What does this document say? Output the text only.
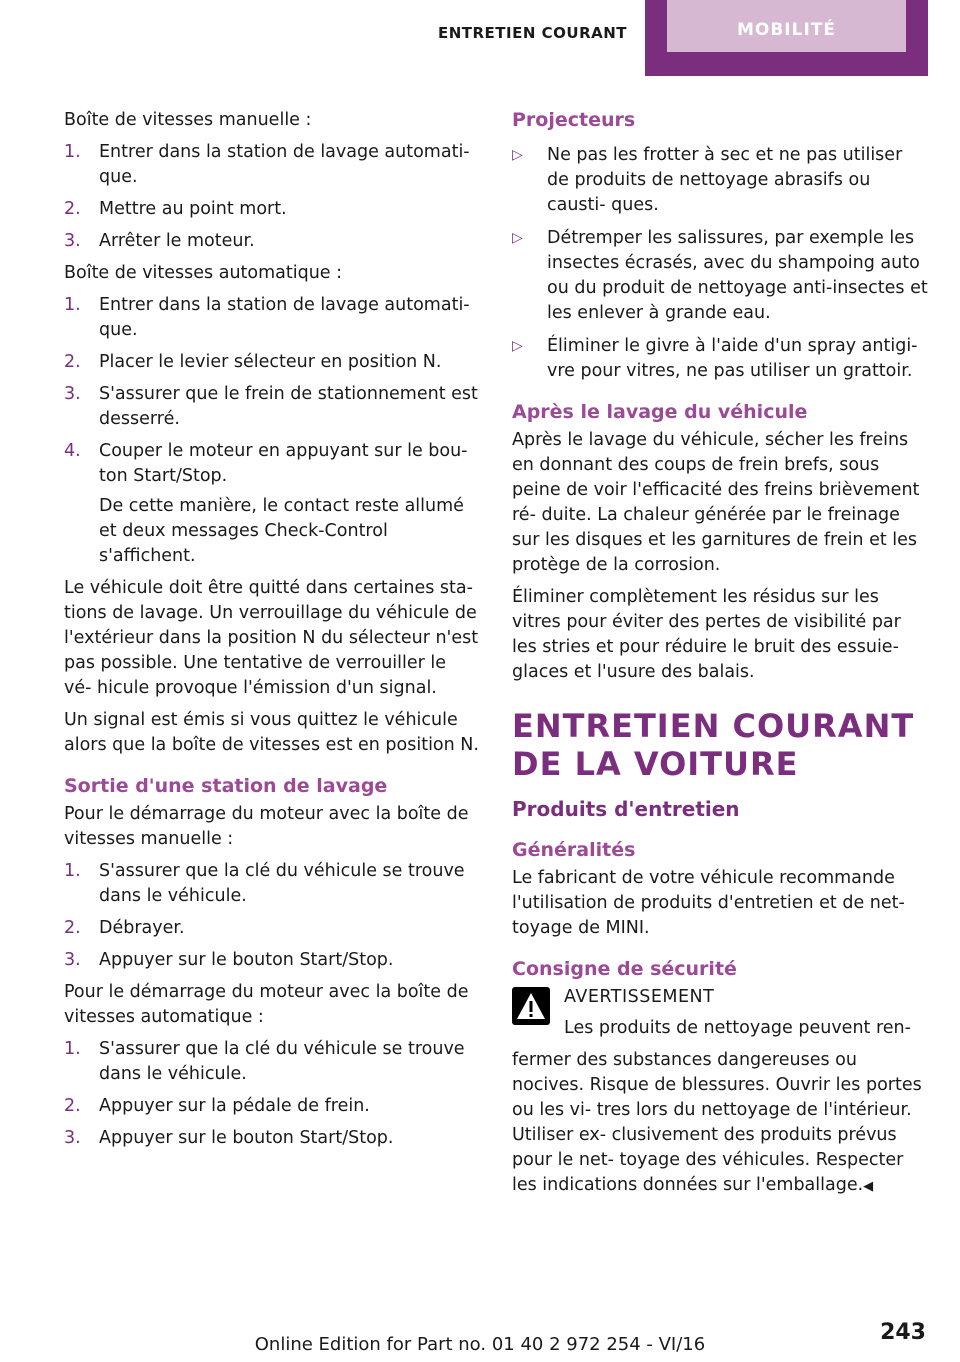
ENTRETIEN COURANT	MOBILITÉ

Boîte de vitesses manuelle :

1. Entrer dans la station de lavage automati- que.
2. Mettre au point mort.
3. Arrêter le moteur.

Boîte de vitesses automatique :

1. Entrer dans la station de lavage automati- que.
2. Placer le levier sélecteur en position N.
3. S'assurer que le frein de stationnement est desserré.
4. Couper le moteur en appuyant sur le bou- ton Start/Stop.

De cette manière, le contact reste allumé et deux messages Check-Control s'affichent.

Le véhicule doit être quitté dans certaines sta- tions de lavage. Un verrouillage du véhicule de l'extérieur dans la position N du sélecteur n'est pas possible. Une tentative de verrouiller le vé- hicule provoque l'émission d'un signal.

Un signal est émis si vous quittez le véhicule alors que la boîte de vitesses est en position N.

Sortie d'une station de lavage

Pour le démarrage du moteur avec la boîte de vitesses manuelle :

1. S'assurer que la clé du véhicule se trouve dans le véhicule.
2. Débrayer.
3. Appuyer sur le bouton Start/Stop.

Pour le démarrage du moteur avec la boîte de vitesses automatique :

1. S'assurer que la clé du véhicule se trouve dans le véhicule.
2. Appuyer sur la pédale de frein.
3. Appuyer sur le bouton Start/Stop.
Projecteurs
▷ Ne pas les frotter à sec et ne pas utiliser de produits de nettoyage abrasifs ou causti- ques.
▷ Détremper les salissures, par exemple les insectes écrasés, avec du shampoing auto ou du produit de nettoyage anti-insectes et les enlever à grande eau.
▷ Éliminer le givre à l'aide d'un spray antigi- vre pour vitres, ne pas utiliser un grattoir.
Après le lavage du véhicule

Après le lavage du véhicule, sécher les freins en donnant des coups de frein brefs, sous peine de voir l'efficacité des freins brièvement ré- duite. La chaleur générée par le freinage sur les disques et les garnitures de frein et les protège de la corrosion.

Éliminer complètement les résidus sur les vitres pour éviter des pertes de visibilité par les stries et pour réduire le bruit des essuie-glaces et l'usure des balais.

ENTRETIEN COURANT DE LA VOITURE
Produits d'entretien
Généralités

Le fabricant de votre véhicule recommande l'utilisation de produits d'entretien et de net- toyage de MINI.

Consigne de sécurité

AVERTISSEMENT

Les produits de nettoyage peuvent ren-

fermer des substances dangereuses ou nocives. Risque de blessures. Ouvrir les portes ou les vi- tres lors du nettoyage de l'intérieur. Utiliser ex- clusivement des produits prévus pour le net- toyage des véhicules. Respecter les indications données sur l'emballage.◀

Online Edition for Part no. 01 40 2 972 254 - VI/16	243
